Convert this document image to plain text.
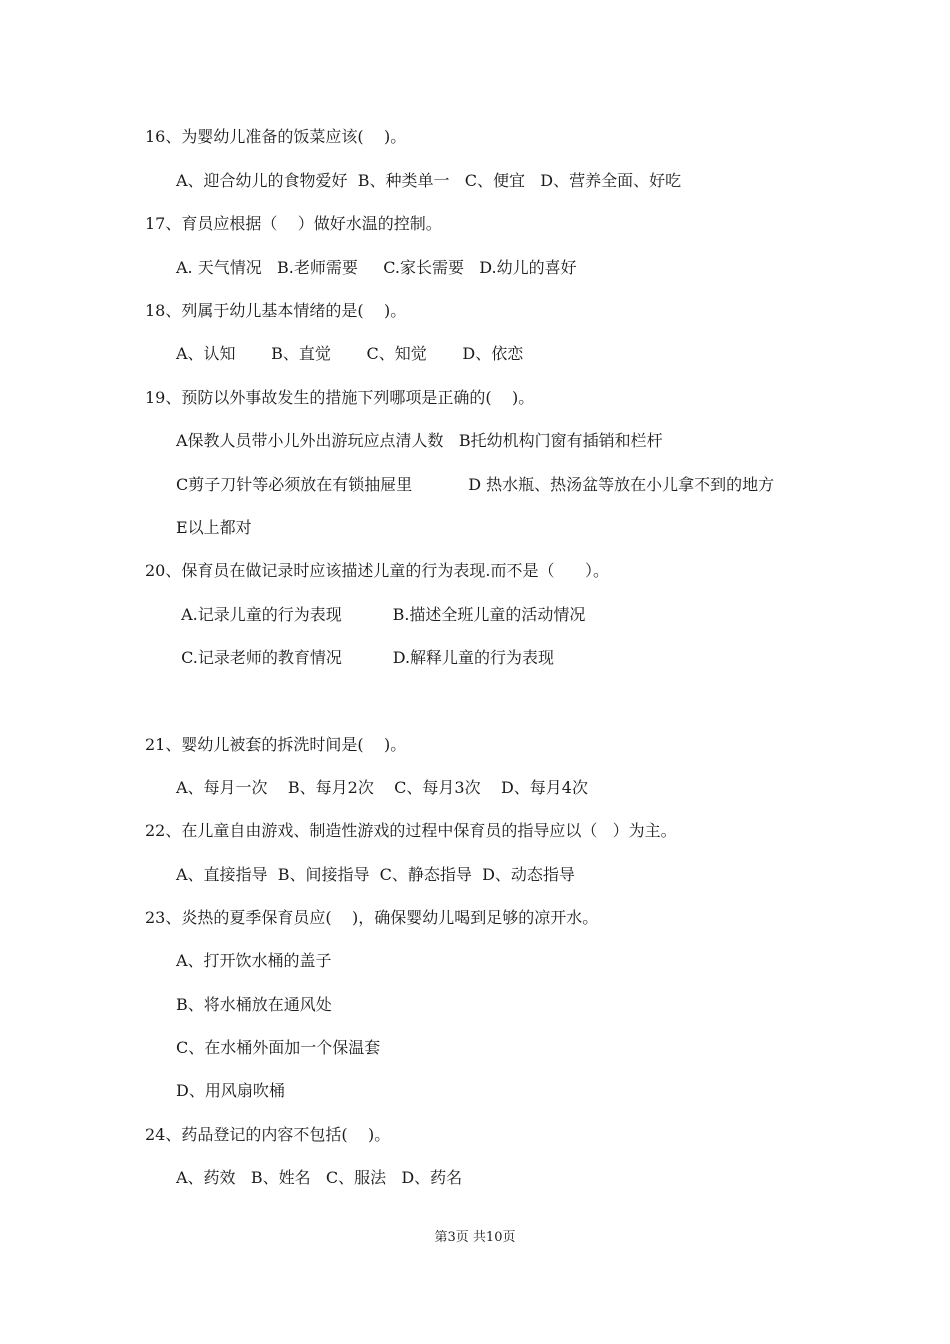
16、为婴幼儿准备的饭菜应该(    )。
A、迎合幼儿的食物爱好  B、种类单一   C、便宜   D、营养全面、好吃
17、育员应根据（    ）做好水温的控制。
A. 天气情况   B.老师需要     C.家长需要   D.幼儿的喜好
18、列属于幼儿基本情绪的是(    )。
A、认知       B、直觉       C、知觉       D、依恋
19、预防以外事故发生的措施下列哪项是正确的(    )。
A保教人员带小儿外出游玩应点清人数   B托幼机构门窗有插销和栏杆
C剪子刀针等必须放在有锁抽屉里           D 热水瓶、热汤盆等放在小儿拿不到的地方
E以上都对
20、保育员在做记录时应该描述儿童的行为表现.而不是（      ）。
A.记录儿童的行为表现          B.描述全班儿童的活动情况
C.记录老师的教育情况          D.解释儿童的行为表现
21、婴幼儿被套的拆洗时间是(    )。
A、每月一次    B、每月2次    C、每月3次    D、每月4次
22、在儿童自由游戏、制造性游戏的过程中保育员的指导应以（   ）为主。
A、直接指导  B、间接指导  C、静态指导  D、动态指导
23、炎热的夏季保育员应(    )，确保婴幼儿喝到足够的凉开水。
A、打开饮水桶的盖子
B、将水桶放在通风处
C、在水桶外面加一个保温套
D、用风扇吹桶
24、药品登记的内容不包括(    )。
A、药效   B、姓名   C、服法   D、药名
第3页 共10页
